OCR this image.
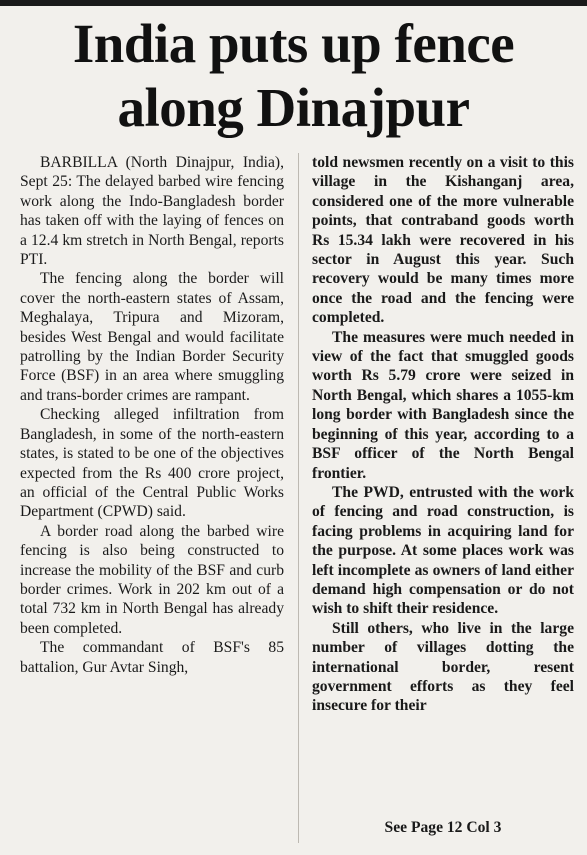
India puts up fence
along Dinajpur

BARBILLA (North Dinajpur, India), Sept 25: The delayed barbed wire fencing work along the Indo-Bangladesh border has taken off with the laying of fences on a 12.4 km stretch in North Bengal, reports PTI.

The fencing along the border will cover the north-eastern states of Assam, Meghalaya, Tripura and Mizoram, besides West Bengal and would facilitate patrolling by the Indian Border Security Force (BSF) in an area where smuggling and trans-border crimes are rampant.

Checking alleged infiltration from Bangladesh, in some of the north-eastern states, is stated to be one of the objectives expected from the Rs 400 crore project, an official of the Central Public Works Department (CPWD) said.

A border road along the barbed wire fencing is also being constructed to increase the mobility of the BSF and curb border crimes. Work in 202 km out of a total 732 km in North Bengal has already been completed.

The commandant of BSF's 85 battalion, Gur Avtar Singh,

told newsmen recently on a visit to this village in the Kishanganj area, considered one of the more vulnerable points, that contraband goods worth Rs 15.34 lakh were recovered in his sector in August this year. Such recovery would be many times more once the road and the fencing were completed.

The measures were much needed in view of the fact that smuggled goods worth Rs 5.79 crore were seized in North Bengal, which shares a 1055-km long border with Bangladesh since the beginning of this year, according to a BSF officer of the North Bengal frontier.

The PWD, entrusted with the work of fencing and road construction, is facing problems in acquiring land for the purpose. At some places work was left incomplete as owners of land either demand high compensation or do not wish to shift their residence.

Still others, who live in the large number of villages dotting the international border, resent government efforts as they feel insecure for their

See Page 12 Col 3
